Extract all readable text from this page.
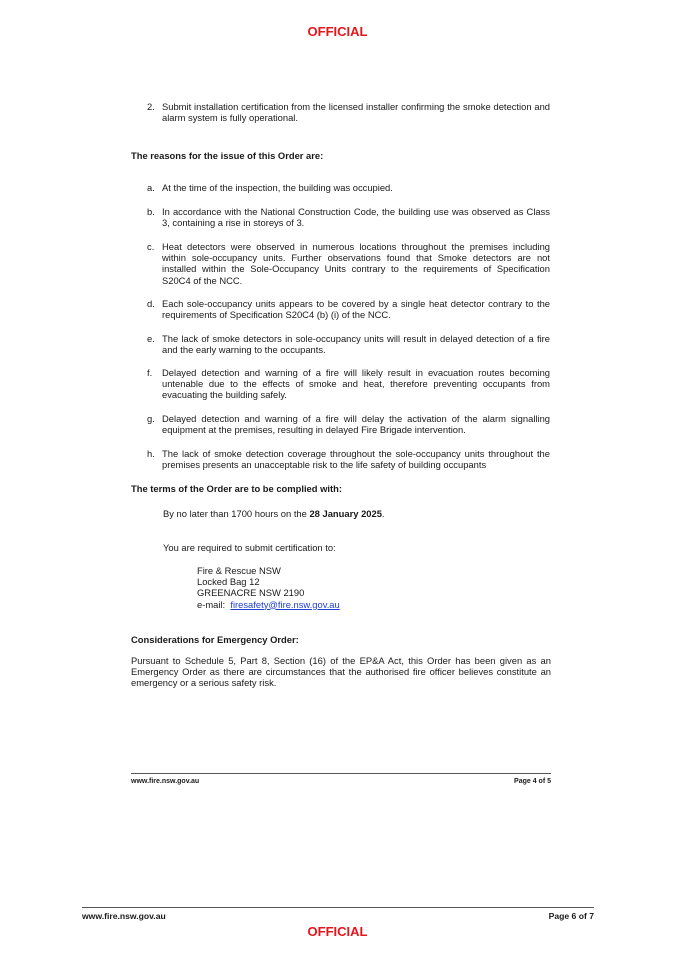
OFFICIAL
2. Submit installation certification from the licensed installer confirming the smoke detection and alarm system is fully operational.
The reasons for the issue of this Order are:
a. At the time of the inspection, the building was occupied.
b. In accordance with the National Construction Code, the building use was observed as Class 3, containing a rise in storeys of 3.
c. Heat detectors were observed in numerous locations throughout the premises including within sole-occupancy units. Further observations found that Smoke detectors are not installed within the Sole-Occupancy Units contrary to the requirements of Specification S20C4 of the NCC.
d. Each sole-occupancy units appears to be covered by a single heat detector contrary to the requirements of Specification S20C4 (b) (i) of the NCC.
e. The lack of smoke detectors in sole-occupancy units will result in delayed detection of a fire and the early warning to the occupants.
f. Delayed detection and warning of a fire will likely result in evacuation routes becoming untenable due to the effects of smoke and heat, therefore preventing occupants from evacuating the building safely.
g. Delayed detection and warning of a fire will delay the activation of the alarm signalling equipment at the premises, resulting in delayed Fire Brigade intervention.
h. The lack of smoke detection coverage throughout the sole-occupancy units throughout the premises presents an unacceptable risk to the life safety of building occupants
The terms of the Order are to be complied with:
By no later than 1700 hours on the 28 January 2025.
You are required to submit certification to:
Fire & Rescue NSW
Locked Bag 12
GREENACRE NSW 2190
e-mail:  firesafety@fire.nsw.gov.au
Considerations for Emergency Order:
Pursuant to Schedule 5, Part 8, Section (16) of the EP&A Act, this Order has been given as an Emergency Order as there are circumstances that the authorised fire officer believes constitute an emergency or a serious safety risk.
www.fire.nsw.gov.au	Page 4 of 5
www.fire.nsw.gov.au	Page 6 of 7
OFFICIAL
